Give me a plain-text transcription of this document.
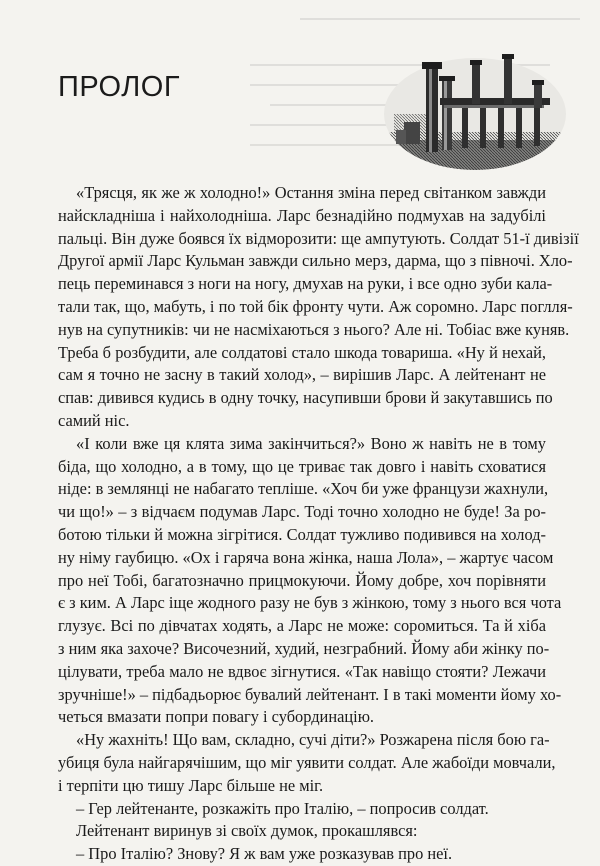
ПРОЛОГ
«Трясця, як же ж холодно!» Остання зміна перед світанком завжди
найскладніша і найхолодніша. Ларс безнадійно подмухав на задубілі
пальці. Він дуже боявся їх відморозити: ще ампутують. Солдат 51-ї дивізії
Другої армії Ларс Кульман завжди сильно мерз, дарма, що з півночі. Хло-
пець переминався з ноги на ногу, дмухав на руки, і все одно зуби кала-
тали так, що, мабуть, і по той бік фронту чути. Аж соромно. Ларс поглля-
нув на супутників: чи не насміхаються з нього? Але ні. Тобіас вже куняв.
Треба б розбудити, але солдатові стало шкода товариша. «Ну й нехай,
сам я точно не засну в такий холод», – вирішив Ларс. А лейтенант не
спав: дивився кудись в одну точку, насупивши брови й закутавшись по
самий ніс.
«І коли вже ця клята зима закінчиться?» Воно ж навіть не в тому
біда, що холодно, а в тому, що це триває так довго і навіть сховатися
ніде: в землянці не набагато тепліше. «Хоч би уже французи жахнули,
чи що!» – з відчаєм подумав Ларс. Тоді точно холодно не буде! За ро-
ботою тільки й можна зігрітися. Солдат тужливо подивився на холод-
ну німу гаубицю. «Ох і гаряча вона жінка, наша Лола», – жартує часом
про неї Тобі, багатозначно прицмокуючи. Йому добре, хоч порівняти
є з ким. А Ларс іще жодного разу не був з жінкою, тому з нього вся чота
глузує. Всі по дівчатах ходять, а Ларс не може: соромиться. Та й хіба
з ним яка захоче? Височезний, худий, незграбний. Йому аби жінку по-
цілувати, треба мало не вдвоє зігнутися. «Так навіщо стояти? Лежачи
зручніше!» – підбадьорює бувалий лейтенант. І в такі моменти йому хо-
четься вмазати попри повагу і субординацію.
«Ну жахніть! Що вам, складно, сучі діти?» Розжарена після бою га-
убиця була найгарячішим, що міг уявити солдат. Але жабоїди мовчали,
і терпіти цю тишу Ларс більше не міг.
– Гер лейтенанте, розкажіть про Італію, – попросив солдат.
Лейтенант виринув зі своїх думок, прокашлявся:
– Про Італію? Знову? Я ж вам уже розказував про неї.
